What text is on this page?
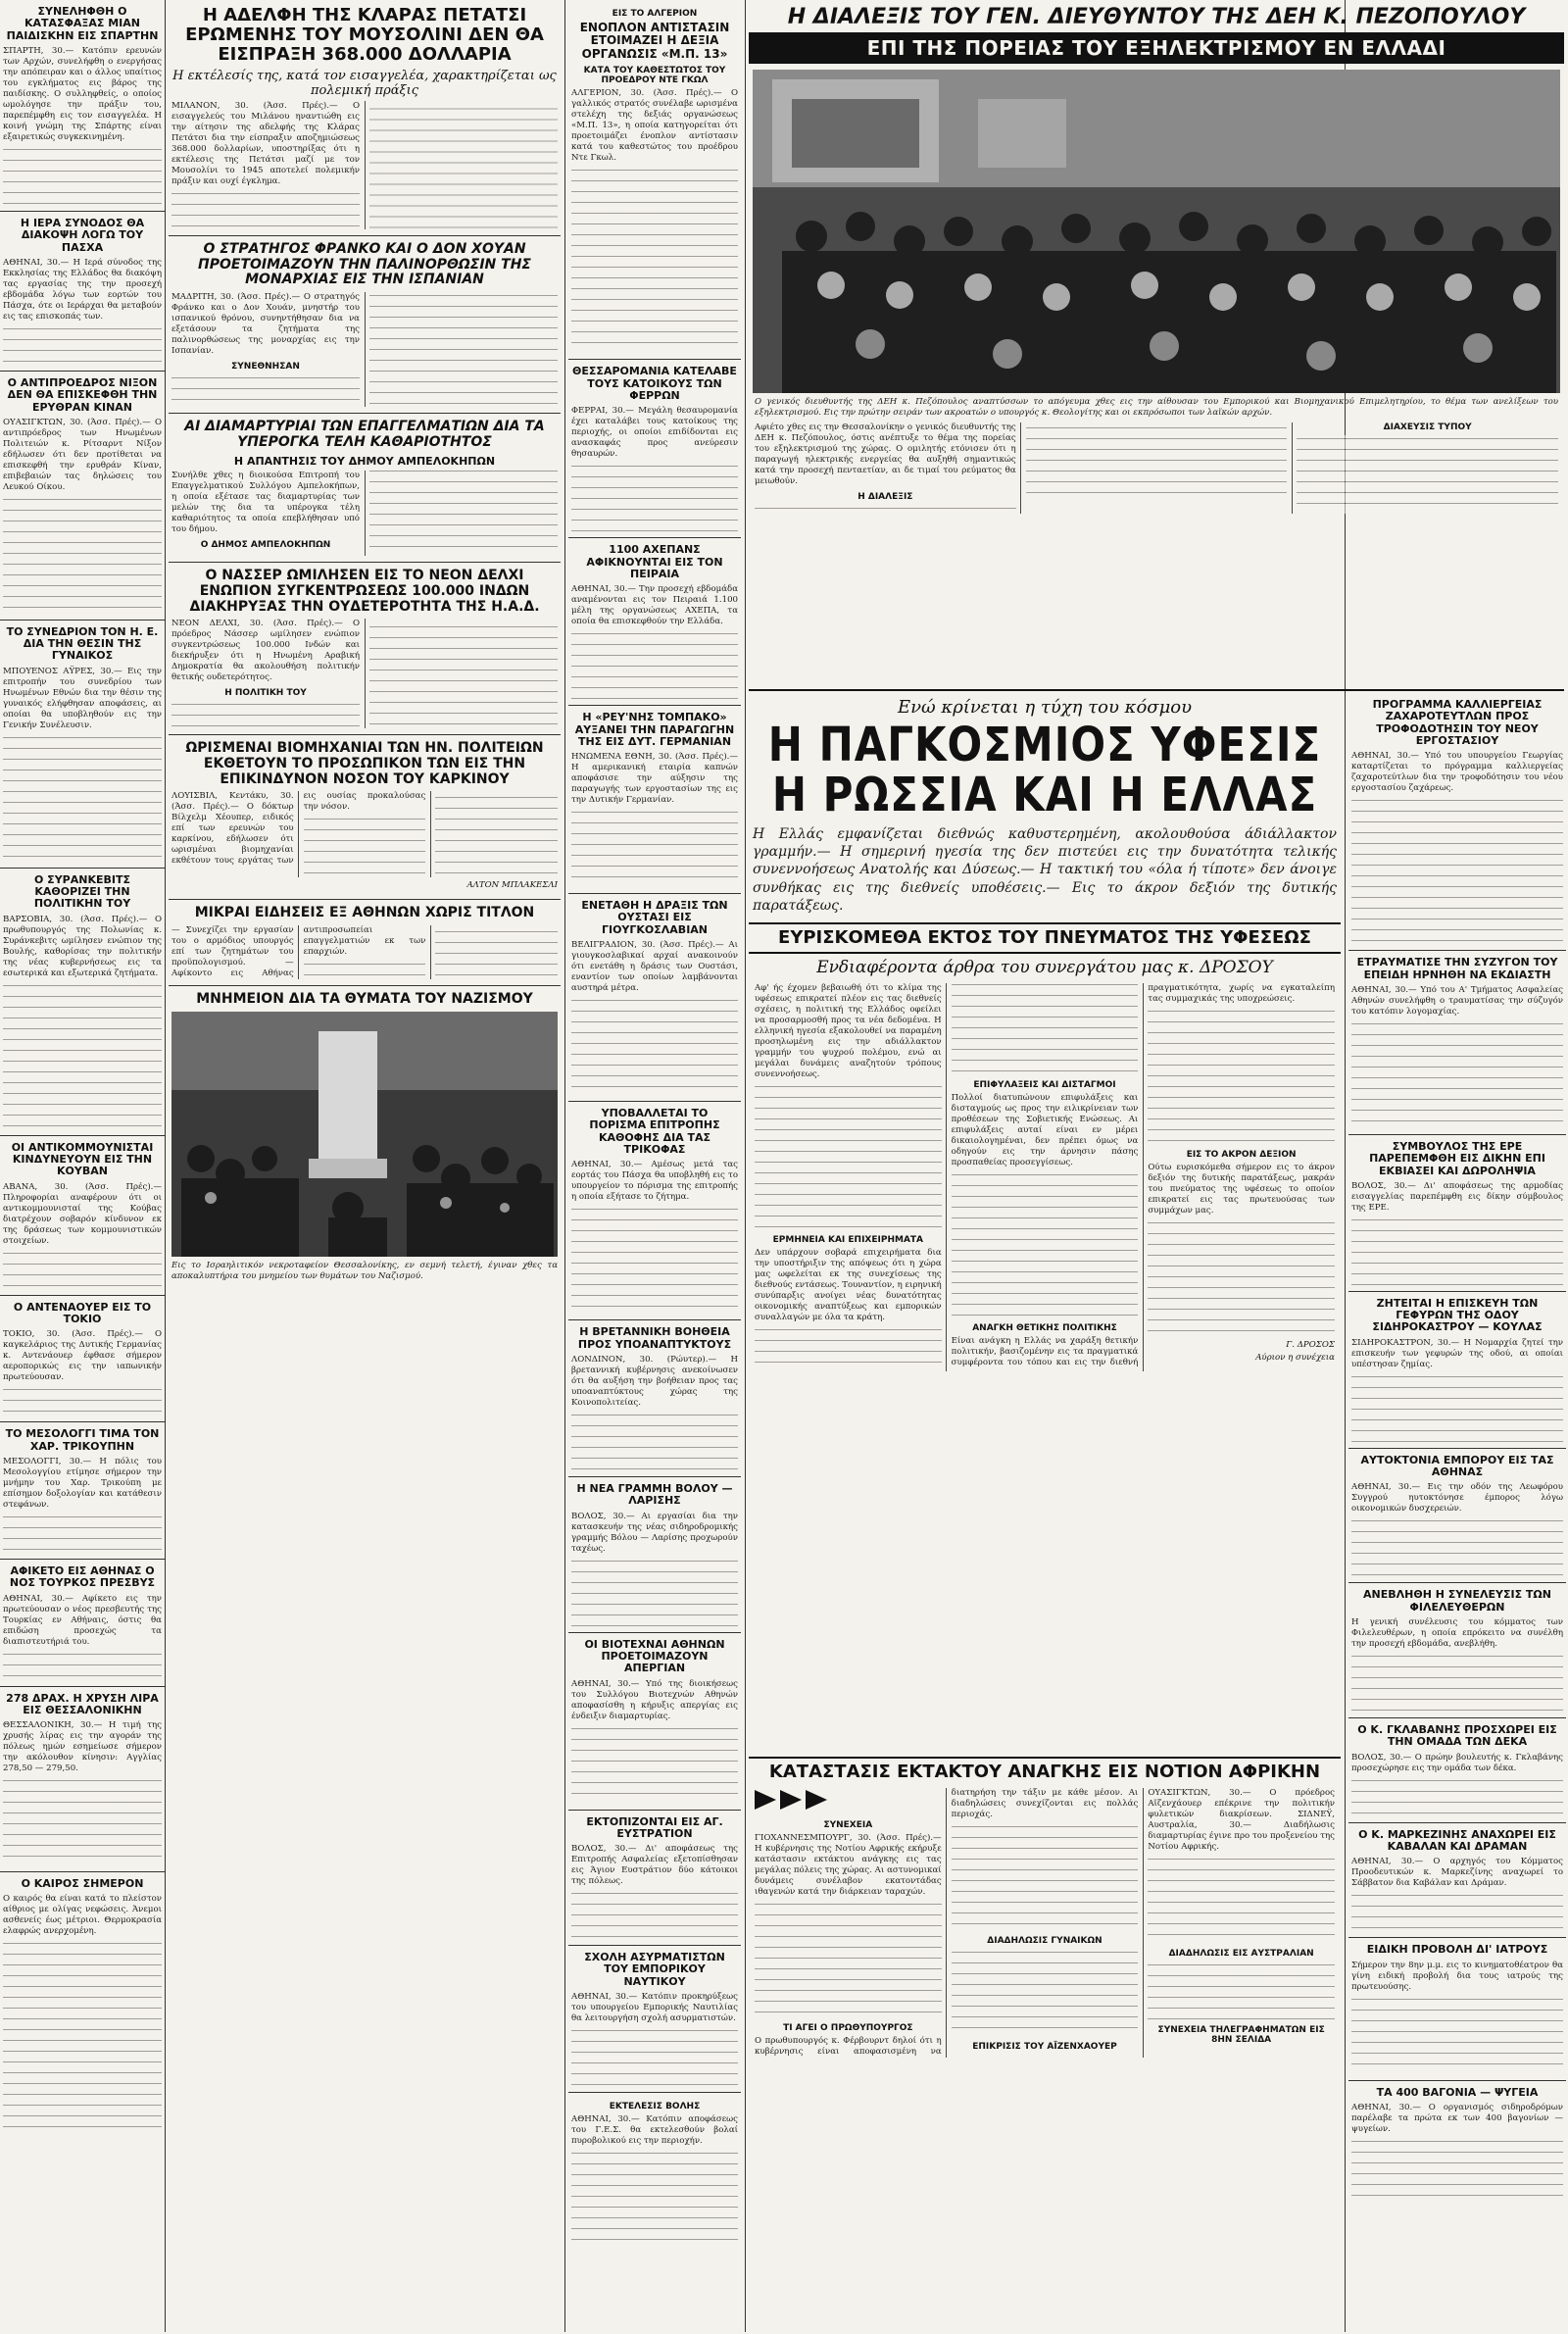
ΣΥΝΕΛΗΦΘΗ Ο ΚΑΤΑΣΦΑΞΑΣ ΜΙΑΝ ΠΑΙΔΙΣΚΗΝ ΕΙΣ ΣΠΑΡΤΗΝ

ΣΠΑΡΤΗ, 30.— Κατόπιν ερευνών των Αρχών, συνελήφθη ο ενεργήσας την απόπειραν και ο άλλος υπαίτιος του εγκλήματος εις βάρος της παιδίσκης. Ο συλληφθείς, ο οποίος ωμολόγησε την πράξιν του, παρεπέμφθη εις τον εισαγγελέα. Η κοινή γνώμη της Σπάρτης είναι εξαιρετικώς συγκεκινημένη.

Η ΙΕΡΑ ΣΥΝΟΔΟΣ ΘΑ ΔΙΑΚΟΨΗ ΛΟΓΩ ΤΟΥ ΠΑΣΧΑ

ΑΘΗΝΑΙ, 30.— Η Ιερά σύνοδος της Εκκλησίας της Ελλάδος θα διακόψη τας εργασίας της την προσεχή εβδομάδα λόγω των εορτών του Πάσχα, ότε οι Ιεράρχαι θα μεταβούν εις τας επισκοπάς των.

Ο ΑΝΤΙΠΡΟΕΔΡΟΣ ΝΙΞΟΝ ΔΕΝ ΘΑ ΕΠΙΣΚΕΦΘΗ ΤΗΝ ΕΡΥΘΡΑΝ ΚΙΝΑΝ

ΟΥΑΣΙΓΚΤΩΝ, 30. (Άσσ. Πρές).— Ο αντιπρόεδρος των Ηνωμένων Πολιτειών κ. Ρίτσαρντ Νίξον εδήλωσεν ότι δεν προτίθεται να επισκεφθή την ερυθράν Κίναν, επιβεβαιών τας δηλώσεις του Λευκού Οίκου.

ΤΟ ΣΥΝΕΔΡΙΟΝ ΤΟΝ Η. Ε. ΔΙΑ ΤΗΝ ΘΕΣΙΝ ΤΗΣ ΓΥΝΑΙΚΟΣ

ΜΠΟΥΕΝΟΣ ΑΫΡΕΣ, 30.— Εις την επιτροπήν του συνεδρίου των Ηνωμένων Εθνών δια την θέσιν της γυναικός ελήφθησαν αποφάσεις, αι οποίαι θα υποβληθούν εις την Γενικήν Συνέλευσιν.

Ο ΣΥΡΑΝΚΕΒΙΤΣ ΚΑΘΟΡΙΖΕΙ ΤΗΝ ΠΟΛΙΤΙΚΗΝ ΤΟΥ

ΒΑΡΣΟΒΙΑ, 30. (Άσσ. Πρές).— Ο πρωθυπουργός της Πολωνίας κ. Συράνκεβιτς ωμίλησεν ενώπιον της Βουλής, καθορίσας την πολιτικήν της νέας κυβερνήσεως εις τα εσωτερικά και εξωτερικά ζητήματα.

ΟΙ ΑΝΤΙΚΟΜΜΟΥΝΙΣΤΑΙ ΚΙΝΔΥΝΕΥΟΥΝ ΕΙΣ ΤΗΝ ΚΟΥΒΑΝ

ΑΒΑΝΑ, 30. (Άσσ. Πρές).— Πληροφορίαι αναφέρουν ότι οι αντικομμουνισταί της Κούβας διατρέχουν σοβαρόν κίνδυνον εκ της δράσεως των κομμουνιστικών στοιχείων.

Ο ΑΝΤΕΝΑΟΥΕΡ ΕΙΣ ΤΟ ΤΟΚΙΟ

ΤΟΚΙΟ, 30. (Άσσ. Πρές).— Ο καγκελάριος της Δυτικής Γερμανίας κ. Αντενάουερ έφθασε σήμερον αεροπορικώς εις την ιαπωνικήν πρωτεύουσαν.

ΤΟ ΜΕΣΟΛΟΓΓΙ ΤΙΜΑ ΤΟΝ ΧΑΡ. ΤΡΙΚΟΥΠΗΝ

ΜΕΣΟΛΟΓΓΙ, 30.— Η πόλις του Μεσολογγίου ετίμησε σήμερον την μνήμην του Χαρ. Τρικούπη με επίσημον δοξολογίαν και κατάθεσιν στεφάνων.

ΑΦΙΚΕΤΟ ΕΙΣ ΑΘΗΝΑΣ Ο ΝΟΣ ΤΟΥΡΚΟΣ ΠΡΕΣΒΥΣ

ΑΘΗΝΑΙ, 30.— Αφίκετο εις την πρωτεύουσαν ο νέος πρεσβευτής της Τουρκίας εν Αθήναις, όστις θα επιδώση προσεχώς τα διαπιστευτήριά του.

278 ΔΡΑΧ. Η ΧΡΥΣΗ ΛΙΡΑ ΕΙΣ ΘΕΣΣΑΛΟΝΙΚΗΝ

ΘΕΣΣΑΛΟΝΙΚΗ, 30.— Η τιμή της χρυσής λίρας εις την αγοράν της πόλεως ημών εσημείωσε σήμερον την ακόλουθον κίνησιν: Αγγλίας 278,50 — 279,50.

Ο ΚΑΙΡΟΣ ΣΗΜΕΡΟΝ

Ο καιρός θα είναι κατά το πλείστον αίθριος με ολίγας νεφώσεις. Άνεμοι ασθενείς έως μέτριοι. Θερμοκρασία ελαφρώς ανερχομένη.

Η ΑΔΕΛΦΗ ΤΗΣ ΚΛΑΡΑΣ ΠΕΤΑΤΣΙ ΕΡΩΜΕΝΗΣ ΤΟΥ ΜΟΥΣΟΛΙΝΙ ΔΕΝ ΘΑ ΕΙΣΠΡΑΞΗ 368.000 ΔΟΛΛΑΡΙΑ
Η εκτέλεσίς της, κατά τον εισαγγελέα, χαρακτηρίζεται ως πολεμική πράξις

ΜΙΛΑΝΟΝ, 30. (Άσσ. Πρές).— Ο εισαγγελεύς του Μιλάνου ηναντιώθη εις την αίτησιν της αδελφής της Κλάρας Πετάτσι δια την είσπραξιν αποζημιώσεως 368.000 δολλαρίων, υποστηρίξας ότι η εκτέλεσις της Πετάτσι μαζί με τον Μουσολίνι το 1945 αποτελεί πολεμικήν πράξιν και ουχί έγκλημα.

Ο ΣΤΡΑΤΗΓΟΣ ΦΡΑΝΚΟ ΚΑΙ Ο ΔΟΝ ΧΟΥΑΝ ΠΡΟΕΤΟΙΜΑΖΟΥΝ ΤΗΝ ΠΑΛΙΝΟΡΘΩΣΙΝ ΤΗΣ ΜΟΝΑΡΧΙΑΣ ΕΙΣ ΤΗΝ ΙΣΠΑΝΙΑΝ

ΜΑΔΡΙΤΗ, 30. (Άσσ. Πρές).— Ο στρατηγός Φράνκο και ο Δον Χουάν, μνηστήρ του ισπανικού θρόνου, συνηντήθησαν δια να εξετάσουν τα ζητήματα της παλινορθώσεως της μοναρχίας εις την Ισπανίαν.

ΣΥΝΕΘΝΗΣΑΝ
ΑΙ ΔΙΑΜΑΡΤΥΡΙΑΙ ΤΩΝ ΕΠΑΓΓΕΛΜΑΤΙΩΝ ΔΙΑ ΤΑ ΥΠΕΡΟΓΚΑ ΤΕΛΗ ΚΑΘΑΡΙΟΤΗΤΟΣ
Η ΑΠΑΝΤΗΣΙΣ ΤΟΥ ΔΗΜΟΥ ΑΜΠΕΛΟΚΗΠΩΝ

Συνήλθε χθες η διοικούσα Επιτροπή του Επαγγελματικού Συλλόγου Αμπελοκήπων, η οποία εξέτασε τας διαμαρτυρίας των μελών της δια τα υπέρογκα τέλη καθαριότητος τα οποία επεβλήθησαν υπό του δήμου.

Ο ΔΗΜΟΣ ΑΜΠΕΛΟΚΗΠΩΝ
Ο ΝΑΣΣΕΡ ΩΜΙΛΗΣΕΝ ΕΙΣ ΤΟ ΝΕΟΝ ΔΕΛΧΙ ΕΝΩΠΙΟΝ ΣΥΓΚΕΝΤΡΩΣΕΩΣ 100.000 ΙΝΔΩΝ ΔΙΑΚΗΡΥΞΑΣ ΤΗΝ ΟΥΔΕΤΕΡΟΤΗΤΑ ΤΗΣ Η.Α.Δ.

ΝΕΟΝ ΔΕΛΧΙ, 30. (Άσσ. Πρές).— Ο πρόεδρος Νάσσερ ωμίλησεν ενώπιον συγκεντρώσεως 100.000 Ινδών και διεκήρυξεν ότι η Ηνωμένη Αραβική Δημοκρατία θα ακολουθήση πολιτικήν θετικής ουδετερότητος.

Η ΠΟΛΙΤΙΚΗ ΤΟΥ
ΩΡΙΣΜΕΝΑΙ ΒΙΟΜΗΧΑΝΙΑΙ ΤΩΝ ΗΝ. ΠΟΛΙΤΕΙΩΝ ΕΚΘΕΤΟΥΝ ΤΟ ΠΡΟΣΩΠΙΚΟΝ ΤΩΝ ΕΙΣ ΤΗΝ ΕΠΙΚΙΝΔΥΝΟΝ ΝΟΣΟΝ ΤΟΥ ΚΑΡΚΙΝΟΥ

ΛΟΥΙΣΒΙΛ, Κεντάκυ, 30. (Άσσ. Πρές).— Ο δόκτωρ Βίλχελμ Χέουπερ, ειδικός επί των ερευνών του καρκίνου, εδήλωσεν ότι ωρισμέναι βιομηχανίαι εκθέτουν τους εργάτας των εις ουσίας προκαλούσας την νόσον.

ΑΛΤΟΝ ΜΠΛΑΚΕΣΛΙ
ΜΙΚΡΑΙ ΕΙΔΗΣΕΙΣ ΕΞ ΑΘΗΝΩΝ ΧΩΡΙΣ ΤΙΤΛΟΝ

— Συνεχίζει την εργασίαν του ο αρμόδιος υπουργός επί των ζητημάτων του προϋπολογισμού. — Αφίκοντο εις Αθήνας αντιπροσωπείαι επαγγελματιών εκ των επαρχιών.

ΜΝΗΜΕΙΟΝ ΔΙΑ ΤΑ ΘΥΜΑΤΑ ΤΟΥ ΝΑΖΙΣΜΟΥ

Εις το Ισραηλιτικόν νεκροταφείον Θεσσαλονίκης, εν σεμνή τελετή, έγιναν χθες τα αποκαλυπτήρια του μνημείου των θυμάτων του Ναζισμού.

ΕΙΣ ΤΟ ΑΛΓΕΡΙΟΝ
ΕΝΟΠΛΟΝ ΑΝΤΙΣΤΑΣΙΝ ΕΤΟΙΜΑΖΕΙ Η ΔΕΞΙΑ ΟΡΓΑΝΩΣΙΣ «Μ.Π. 13»
ΚΑΤΑ ΤΟΥ ΚΑΘΕΣΤΩΤΟΣ ΤΟΥ ΠΡΟΕΔΡΟΥ ΝΤΕ ΓΚΩΛ

ΑΛΓΕΡΙΟΝ, 30. (Άσσ. Πρές).— Ο γαλλικός στρατός συνέλαβε ωρισμένα στελέχη της δεξιάς οργανώσεως «Μ.Π. 13», η οποία κατηγορείται ότι προετοιμάζει ένοπλον αντίστασιν κατά του καθεστώτος του προέδρου Ντε Γκωλ.

ΘΕΣΣΑΡΟΜΑΝΙΑ ΚΑΤΕΛΑΒΕ ΤΟΥΣ ΚΑΤΟΙΚΟΥΣ ΤΩΝ ΦΕΡΡΩΝ

ΦΕΡΡΑΙ, 30.— Μεγάλη θεσαυρομανία έχει καταλάβει τους κατοίκους της περιοχής, οι οποίοι επιδίδονται εις ανασκαφάς προς ανεύρεσιν θησαυρών.

1100 ΑΧΕΠΑΝΣ ΑΦΙΚΝΟΥΝΤΑΙ ΕΙΣ ΤΟΝ ΠΕΙΡΑΙΑ

ΑΘΗΝΑΙ, 30.— Την προσεχή εβδομάδα αναμένονται εις τον Πειραιά 1.100 μέλη της οργανώσεως ΑΧΕΠΑ, τα οποία θα επισκεφθούν την Ελλάδα.

Η «ΡΕΥ'ΝΗΣ ΤΟΜΠΑΚΟ» ΑΥΞΑΝΕΙ ΤΗΝ ΠΑΡΑΓΩΓΗΝ ΤΗΣ ΕΙΣ ΔΥΤ. ΓΕΡΜΑΝΙΑΝ

ΗΝΩΜΕΝΑ ΕΘΝΗ, 30. (Άσσ. Πρές).— Η αμερικανική εταιρία καπνών αποφάσισε την αύξησιν της παραγωγής των εργοστασίων της εις την Δυτικήν Γερμανίαν.

ΕΝΕΤΑΘΗ Η ΔΡΑΞΙΣ ΤΩΝ ΟΥΣΤΑΣΙ ΕΙΣ ΓΙΟΥΓΚΟΣΛΑΒΙΑΝ

ΒΕΛΙΓΡΑΔΙΟΝ, 30. (Άσσ. Πρές).— Αι γιουγκοσλαβικαί αρχαί ανακοινούν ότι ενετάθη η δράσις των Ουστάσι, εναντίον των οποίων λαμβάνονται αυστηρά μέτρα.

ΥΠΟΒΑΛΛΕΤΑΙ ΤΟ ΠΟΡΙΣΜΑ ΕΠΙΤΡΟΠΗΣ ΚΑΘΟΦΗΣ ΔΙΑ ΤΑΣ ΤΡΙΚΟΦΑΣ

ΑΘΗΝΑΙ, 30.— Αμέσως μετά τας εορτάς του Πάσχα θα υποβληθή εις το υπουργείον το πόρισμα της επιτροπής η οποία εξήτασε το ζήτημα.

Η ΒΡΕΤΑΝΝΙΚΗ ΒΟΗΘΕΙΑ ΠΡΟΣ ΥΠΟΑΝΑΠΤΥΚΤΟΥΣ

ΛΟΝΔΙΝΟΝ, 30. (Ρώυτερ).— Η βρεταννική κυβέρνησις ανεκοίνωσεν ότι θα αυξήση την βοήθειαν προς τας υποαναπτύκτους χώρας της Κοινοπολιτείας.

Η ΝΕΑ ΓΡΑΜΜΗ ΒΟΛΟΥ — ΛΑΡΙΣΗΣ

ΒΟΛΟΣ, 30.— Αι εργασίαι δια την κατασκευήν της νέας σιδηροδρομικής γραμμής Βόλου — Λαρίσης προχωρούν ταχέως.

ΟΙ ΒΙΟΤΕΧΝΑΙ ΑΘΗΝΩΝ ΠΡΟΕΤΟΙΜΑΖΟΥΝ ΑΠΕΡΓΙΑΝ

ΑΘΗΝΑΙ, 30.— Υπό της διοικήσεως του Συλλόγου Βιοτεχνών Αθηνών αποφασίσθη η κήρυξις απεργίας εις ένδειξιν διαμαρτυρίας.

ΕΚΤΟΠΙΖΟΝΤΑΙ ΕΙΣ ΑΓ. ΕΥΣΤΡΑΤΙΟΝ

ΒΟΛΟΣ, 30.— Δι' αποφάσεως της Επιτροπής Ασφαλείας εξετοπίσθησαν εις Άγιον Ευστράτιον δύο κάτοικοι της πόλεως.

ΣΧΟΛΗ ΑΣΥΡΜΑΤΙΣΤΩΝ ΤΟΥ ΕΜΠΟΡΙΚΟΥ ΝΑΥΤΙΚΟΥ

ΑΘΗΝΑΙ, 30.— Κατόπιν προκηρύξεως του υπουργείου Εμπορικής Ναυτιλίας θα λειτουργήση σχολή ασυρματιστών.

ΕΚΤΕΛΕΣΙΣ ΒΟΛΗΣ

ΑΘΗΝΑΙ, 30.— Κατόπιν αποφάσεως του Γ.Ε.Σ. θα εκτελεσθούν βολαί πυροβολικού εις την περιοχήν.

Η ΔΙΑΛΕΞΙΣ ΤΟΥ ΓΕΝ. ΔΙΕΥΘΥΝΤΟΥ ΤΗΣ ΔΕΗ Κ. ΠΕΖΟΠΟΥΛΟΥ
ΕΠΙ ΤΗΣ ΠΟΡΕΙΑΣ ΤΟΥ ΕΞΗΛΕΚΤΡΙΣΜΟΥ ΕΝ ΕΛΛΑΔΙ

Ο γενικός διευθυντής της ΔΕΗ κ. Πεζόπουλος αναπτύσσων το απόγευμα χθες εις την αίθουσαν του Εμπορικού και Βιομηχανικού Επιμελητηρίου, το θέμα των ανελίξεων του εξηλεκτρισμού. Εις την πρώτην σειράν των ακροατών ο υπουργός κ. Θεολογίτης και οι εκπρόσωποι των λαϊκών αρχών.

Αφιέτο χθες εις την Θεσσαλονίκην ο γενικός διευθυντής της ΔΕΗ κ. Πεζόπουλος, όστις ανέπτυξε το θέμα της πορείας του εξηλεκτρισμού της χώρας. Ο ομιλητής ετόνισεν ότι η παραγωγή ηλεκτρικής ενεργείας θα αυξηθή σημαντικώς κατά την προσεχή πενταετίαν, αι δε τιμαί του ρεύματος θα μειωθούν.

Η ΔΙΑΛΕΞΙΣ
ΔΙΑΧΕΥΣΙΣ ΤΥΠΟΥ
Ενώ κρίνεται η τύχη του κόσμου
Η ΠΑΓΚΟΣΜΙΟΣ ΥΦΕΣΙΣ
Η ΡΩΣΣΙΑ ΚΑΙ Η ΕΛΛΑΣ

Η Ελλάς εμφανίζεται διεθνώς καθυστερημένη, ακολουθούσα άδιάλλακτον γραμμήν.— Η σημερινή ηγεσία της δεν πιστεύει εις την δυνατότητα τελικής συνεννοήσεως Ανατολής και Δύσεως.— Η τακτική του «όλα ή τίποτε» δεν άνοιγε συνθήκας εις της διεθνείς υποθέσεις.— Εις το άκρον δεξιόν της δυτικής παρατάξεως.

ΕΥΡΙΣΚΟΜΕΘΑ ΕΚΤΟΣ ΤΟΥ ΠΝΕΥΜΑΤΟΣ ΤΗΣ ΥΦΕΣΕΩΣ
Ενδιαφέροντα άρθρα του συνεργάτου μας κ. ΔΡΟΣΟΥ

Αφ' ής έχομεν βεβαιωθή ότι το κλίμα της υφέσεως επικρατεί πλέον εις τας διεθνείς σχέσεις, η πολιτική της Ελλάδος οφείλει να προσαρμοσθή προς τα νέα δεδομένα. Η ελληνική ηγεσία εξακολουθεί να παραμένη προσηλωμένη εις την αδιάλλακτον γραμμήν του ψυχρού πολέμου, ενώ αι μεγάλαι δυνάμεις αναζητούν τρόπους συνεννοήσεως.

ΕΡΜΗΝΕΙΑ ΚΑΙ ΕΠΙΧΕΙΡΗΜΑΤΑ

Δεν υπάρχουν σοβαρά επιχειρήματα δια την υποστήριξιν της απόψεως ότι η χώρα μας ωφελείται εκ της συνεχίσεως της διεθνούς εντάσεως. Τουναντίον, η ειρηνική συνύπαρξις ανοίγει νέας δυνατότητας οικονομικής αναπτύξεως και εμπορικών συναλλαγών με όλα τα κράτη.

ΕΠΙΦΥΛΑΞΕΙΣ ΚΑΙ ΔΙΣΤΑΓΜΟΙ

Πολλοί διατυπώνουν επιφυλάξεις και δισταγμούς ως προς την ειλικρίνειαν των προθέσεων της Σοβιετικής Ενώσεως. Αι επιφυλάξεις αυταί είναι εν μέρει δικαιολογημέναι, δεν πρέπει όμως να οδηγούν εις την άρνησιν πάσης προσπαθείας προσεγγίσεως.

ΑΝΑΓΚΗ ΘΕΤΙΚΗΣ ΠΟΛΙΤΙΚΗΣ

Είναι ανάγκη η Ελλάς να χαράξη θετικήν πολιτικήν, βασιζομένην εις τα πραγματικά συμφέροντα του τόπου και εις την διεθνή πραγματικότητα, χωρίς να εγκαταλείπη τας συμμαχικάς της υποχρεώσεις.

ΕΙΣ ΤΟ ΑΚΡΟΝ ΔΕΞΙΟΝ

Ούτω ευρισκόμεθα σήμερον εις το άκρον δεξιόν της δυτικής παρατάξεως, μακράν του πνεύματος της υφέσεως το οποίον επικρατεί εις τας πρωτευούσας των συμμάχων μας.

Γ. ΔΡΟΣΟΣ
Αύριον η συνέχεια
ΠΡΟΓΡΑΜΜΑ ΚΑΛΛΙΕΡΓΕΙΑΣ ΖΑΧΑΡΟΤΕΥΤΛΩΝ ΠΡΟΣ ΤΡΟΦΟΔΟΤΗΣΙΝ ΤΟΥ ΝΕΟΥ ΕΡΓΟΣΤΑΣΙΟΥ

ΑΘΗΝΑΙ, 30.— Υπό του υπουργείου Γεωργίας καταρτίζεται το πρόγραμμα καλλιεργείας ζαχαροτεύτλων δια την τροφοδότησιν του νέου εργοστασίου ζαχάρεως.

ΕΤΡΑΥΜΑΤΙΣΕ ΤΗΝ ΣΥΖΥΓΟΝ ΤΟΥ ΕΠΕΙΔΗ ΗΡΝΗΘΗ ΝΑ ΕΚΔΙΑΣΤΗ

ΑΘΗΝΑΙ, 30.— Υπό του Α' Τμήματος Ασφαλείας Αθηνών συνελήφθη ο τραυματίσας την σύζυγόν του κατόπιν λογομαχίας.

ΣΥΜΒΟΥΛΟΣ ΤΗΣ ΕΡΕ ΠΑΡΕΠΕΜΦΘΗ ΕΙΣ ΔΙΚΗΝ ΕΠΙ ΕΚΒΙΑΣΕΙ ΚΑΙ ΔΩΡΟΛΗΨΙΑ

ΒΟΛΟΣ, 30.— Δι' αποφάσεως της αρμοδίας εισαγγελίας παρεπέμφθη εις δίκην σύμβουλος της ΕΡΕ.

ΖΗΤΕΙΤΑΙ Η ΕΠΙΣΚΕΥΗ ΤΩΝ ΓΕΦΥΡΩΝ ΤΗΣ ΟΔΟΥ ΣΙΔΗΡΟΚΑΣΤΡΟΥ — ΚΟΥΛΑΣ

ΣΙΔΗΡΟΚΑΣΤΡΟΝ, 30.— Η Νομαρχία ζητεί την επισκευήν των γεφυρών της οδού, αι οποίαι υπέστησαν ζημίας.

ΑΥΤΟΚΤΟΝΙΑ ΕΜΠΟΡΟΥ ΕΙΣ ΤΑΣ ΑΘΗΝΑΣ

ΑΘΗΝΑΙ, 30.— Εις την οδόν της Λεωφόρου Συγγρού ηυτοκτόνησε έμπορος λόγω οικονομικών δυσχερειών.

ΑΝΕΒΛΗΘΗ Η ΣΥΝΕΛΕΥΣΙΣ ΤΩΝ ΦΙΛΕΛΕΥΘΕΡΩΝ

Η γενική συνέλευσις του κόμματος των Φιλελευθέρων, η οποία επρόκειτο να συνέλθη την προσεχή εβδομάδα, ανεβλήθη.

Ο Κ. ΓΚΛΑΒΑΝΗΣ ΠΡΟΣΧΩΡΕΙ ΕΙΣ ΤΗΝ ΟΜΑΔΑ ΤΩΝ ΔΕΚΑ

ΒΟΛΟΣ, 30.— Ο πρώην βουλευτής κ. Γκλαβάνης προσεχώρησε εις την ομάδα των δέκα.

Ο Κ. ΜΑΡΚΕΖΙΝΗΣ ΑΝΑΧΩΡΕΙ ΕΙΣ ΚΑΒΑΛΑΝ ΚΑΙ ΔΡΑΜΑΝ

ΑΘΗΝΑΙ, 30.— Ο αρχηγός του Κόμματος Προοδευτικών κ. Μαρκεζίνης αναχωρεί το Σάββατον δια Καβάλαν και Δράμαν.

ΕΙΔΙΚΗ ΠΡΟΒΟΛΗ ΔΙ' ΙΑΤΡΟΥΣ

Σήμερον την 8ην μ.μ. εις το κινηματοθέατρον θα γίνη ειδική προβολή δια τους ιατρούς της πρωτευούσης.

ΤΑ 400 ΒΑΓΟΝΙΑ — ΨΥΓΕΙΑ

ΑΘΗΝΑΙ, 30.— Ο οργανισμός σιδηροδρόμων παρέλαβε τα πρώτα εκ των 400 βαγονίων — ψυγείων.

ΚΑΤΑΣΤΑΣΙΣ ΕΚΤΑΚΤΟΥ ΑΝΑΓΚΗΣ ΕΙΣ ΝΟΤΙΟΝ ΑΦΡΙΚΗΝ
ΣΥΝΕΧΕΙΑ

ΓΙΟΧΑΝΝΕΣΜΠΟΥΡΓ, 30. (Άσσ. Πρές).— Η κυβέρνησις της Νοτίου Αφρικής εκήρυξε κατάστασιν εκτάκτου ανάγκης εις τας μεγάλας πόλεις της χώρας. Αι αστυνομικαί δυνάμεις συνέλαβον εκατοντάδας ιθαγενών κατά την διάρκειαν ταραχών.

ΤΙ ΑΓΕΙ Ο ΠΡΩΘΥΠΟΥΡΓΟΣ

Ο πρωθυπουργός κ. Φέρβουρντ δηλοί ότι η κυβέρνησις είναι αποφασισμένη να διατηρήση την τάξιν με κάθε μέσον. Αι διαδηλώσεις συνεχίζονται εις πολλάς περιοχάς.

ΔΙΑΔΗΛΩΣΙΣ ΓΥΝΑΙΚΩΝ
ΕΠΙΚΡΙΣΙΣ ΤΟΥ ΑΪΖΕΝΧΑΟΥΕΡ

ΟΥΑΣΙΓΚΤΩΝ, 30.— Ο πρόεδρος Αϊζενχάουερ επέκρινε την πολιτικήν φυλετικών διακρίσεων. ΣΙΔΝΕΫ, Αυστραλία, 30.— Διαδήλωσις διαμαρτυρίας έγινε προ του προξενείου της Νοτίου Αφρικής.

ΔΙΑΔΗΛΩΣΙΣ ΕΙΣ ΑΥΣΤΡΑΛΙΑΝ
ΣΥΝΕΧΕΙΑ ΤΗΛΕΓΡΑΦΗΜΑΤΩΝ ΕΙΣ 8ΗΝ ΣΕΛΙΔΑ
